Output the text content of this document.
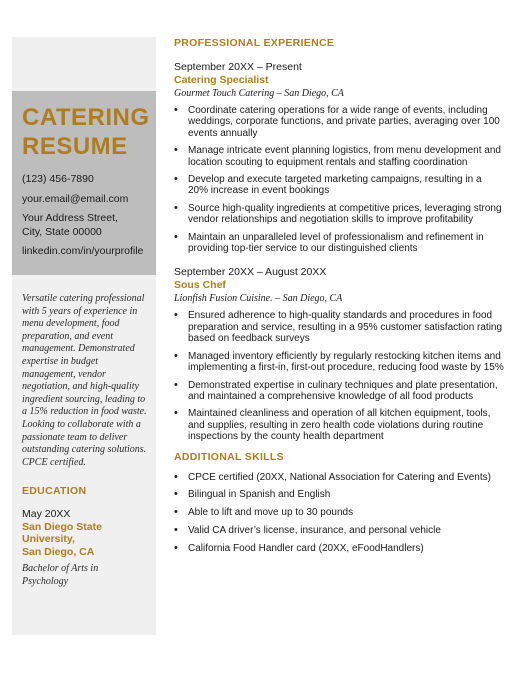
CATERING
RESUME
(123) 456-7890
your.email@email.com
Your Address Street,
City, State 00000
linkedin.com/in/yourprofile
Versatile catering professional with 5 years of experience in menu development, food preparation, and event management. Demonstrated expertise in budget management, vendor negotiation, and high-quality ingredient sourcing, leading to a 15% reduction in food waste. Looking to collaborate with a passionate team to deliver outstanding catering solutions. CPCE certified.
EDUCATION
May 20XX
San Diego State University,
San Diego, CA
Bachelor of Arts in
Psychology
PROFESSIONAL EXPERIENCE
September 20XX – Present
Catering Specialist
Gourmet Touch Catering – San Diego, CA
• Coordinate catering operations for a wide range of events, including weddings, corporate functions, and private parties, averaging over 100 events annually
• Manage intricate event planning logistics, from menu development and location scouting to equipment rentals and staffing coordination
• Develop and execute targeted marketing campaigns, resulting in a 20% increase in event bookings
• Source high-quality ingredients at competitive prices, leveraging strong vendor relationships and negotiation skills to improve profitability
• Maintain an unparalleled level of professionalism and refinement in providing top-tier service to our distinguished clients
September 20XX – August 20XX
Sous Chef
Lionfish Fusion Cuisine. – San Diego, CA
• Ensured adherence to high-quality standards and procedures in food preparation and service, resulting in a 95% customer satisfaction rating based on feedback surveys
• Managed inventory efficiently by regularly restocking kitchen items and implementing a first-in, first-out procedure, reducing food waste by 15%
• Demonstrated expertise in culinary techniques and plate presentation, and maintained a comprehensive knowledge of all food products
• Maintained cleanliness and operation of all kitchen equipment, tools, and supplies, resulting in zero health code violations during routine inspections by the county health department
ADDITIONAL SKILLS
• CPCE certified (20XX, National Association for Catering and Events)
• Bilingual in Spanish and English
• Able to lift and move up to 30 pounds
• Valid CA driver’s license, insurance, and personal vehicle
• California Food Handler card (20XX, eFoodHandlers)
